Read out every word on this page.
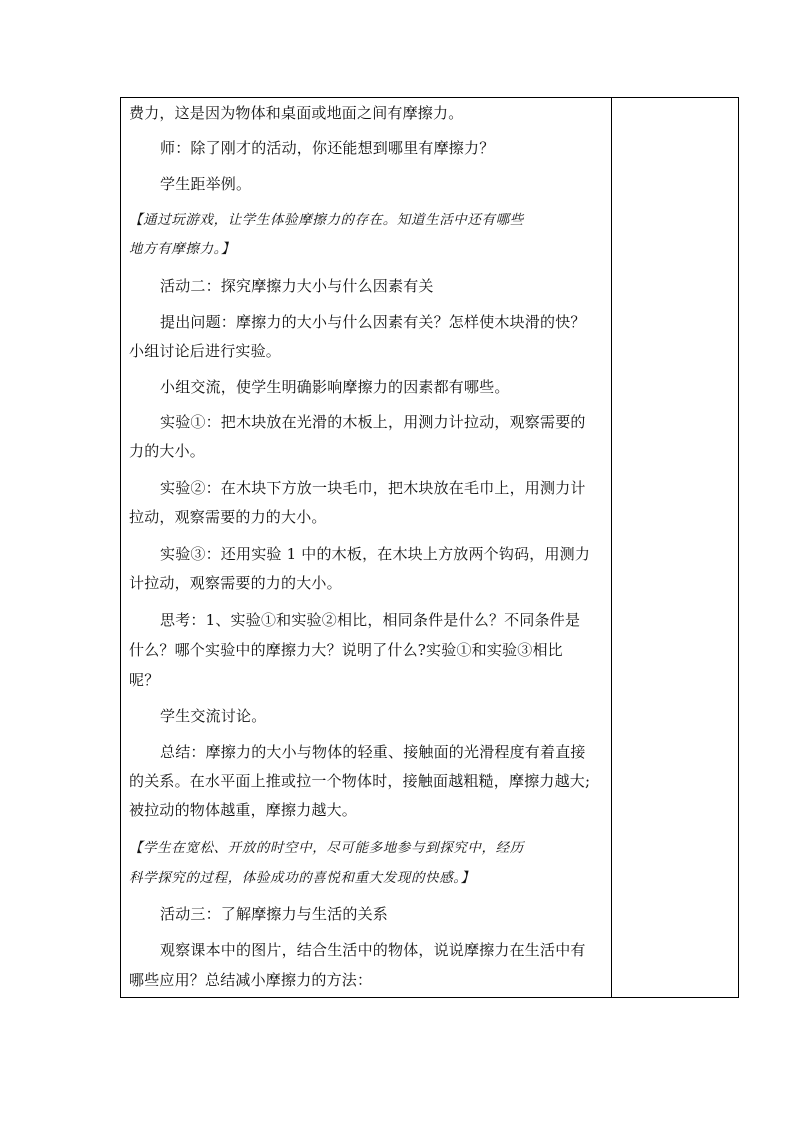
费力，这是因为物体和桌面或地面之间有摩擦力。
师：除了刚才的活动，你还能想到哪里有摩擦力？
学生距举例。
【通过玩游戏，让学生体验摩擦力的存在。知道生活中还有哪些
地方有摩擦力。】
活动二：探究摩擦力大小与什么因素有关
提出问题：摩擦力的大小与什么因素有关？怎样使木块滑的快？
小组讨论后进行实验。
小组交流，使学生明确影响摩擦力的因素都有哪些。
实验①：把木块放在光滑的木板上，用测力计拉动，观察需要的
力的大小。
实验②：在木块下方放一块毛巾，把木块放在毛巾上，用测力计
拉动，观察需要的力的大小。
实验③：还用实验 1 中的木板，在木块上方放两个钩码，用测力
计拉动，观察需要的力的大小。
思考：1、实验①和实验②相比，相同条件是什么？不同条件是
什么？哪个实验中的摩擦力大？说明了什么?实验①和实验③相比
呢？
学生交流讨论。
总结：摩擦力的大小与物体的轻重、接触面的光滑程度有着直接
的关系。在水平面上推或拉一个物体时，接触面越粗糙，摩擦力越大;
被拉动的物体越重，摩擦力越大。
【学生在宽松、开放的时空中，尽可能多地参与到探究中，经历
科学探究的过程，体验成功的喜悦和重大发现的快感。】
活动三：了解摩擦力与生活的关系
观察课本中的图片，结合生活中的物体，说说摩擦力在生活中有
哪些应用？总结减小摩擦力的方法：
